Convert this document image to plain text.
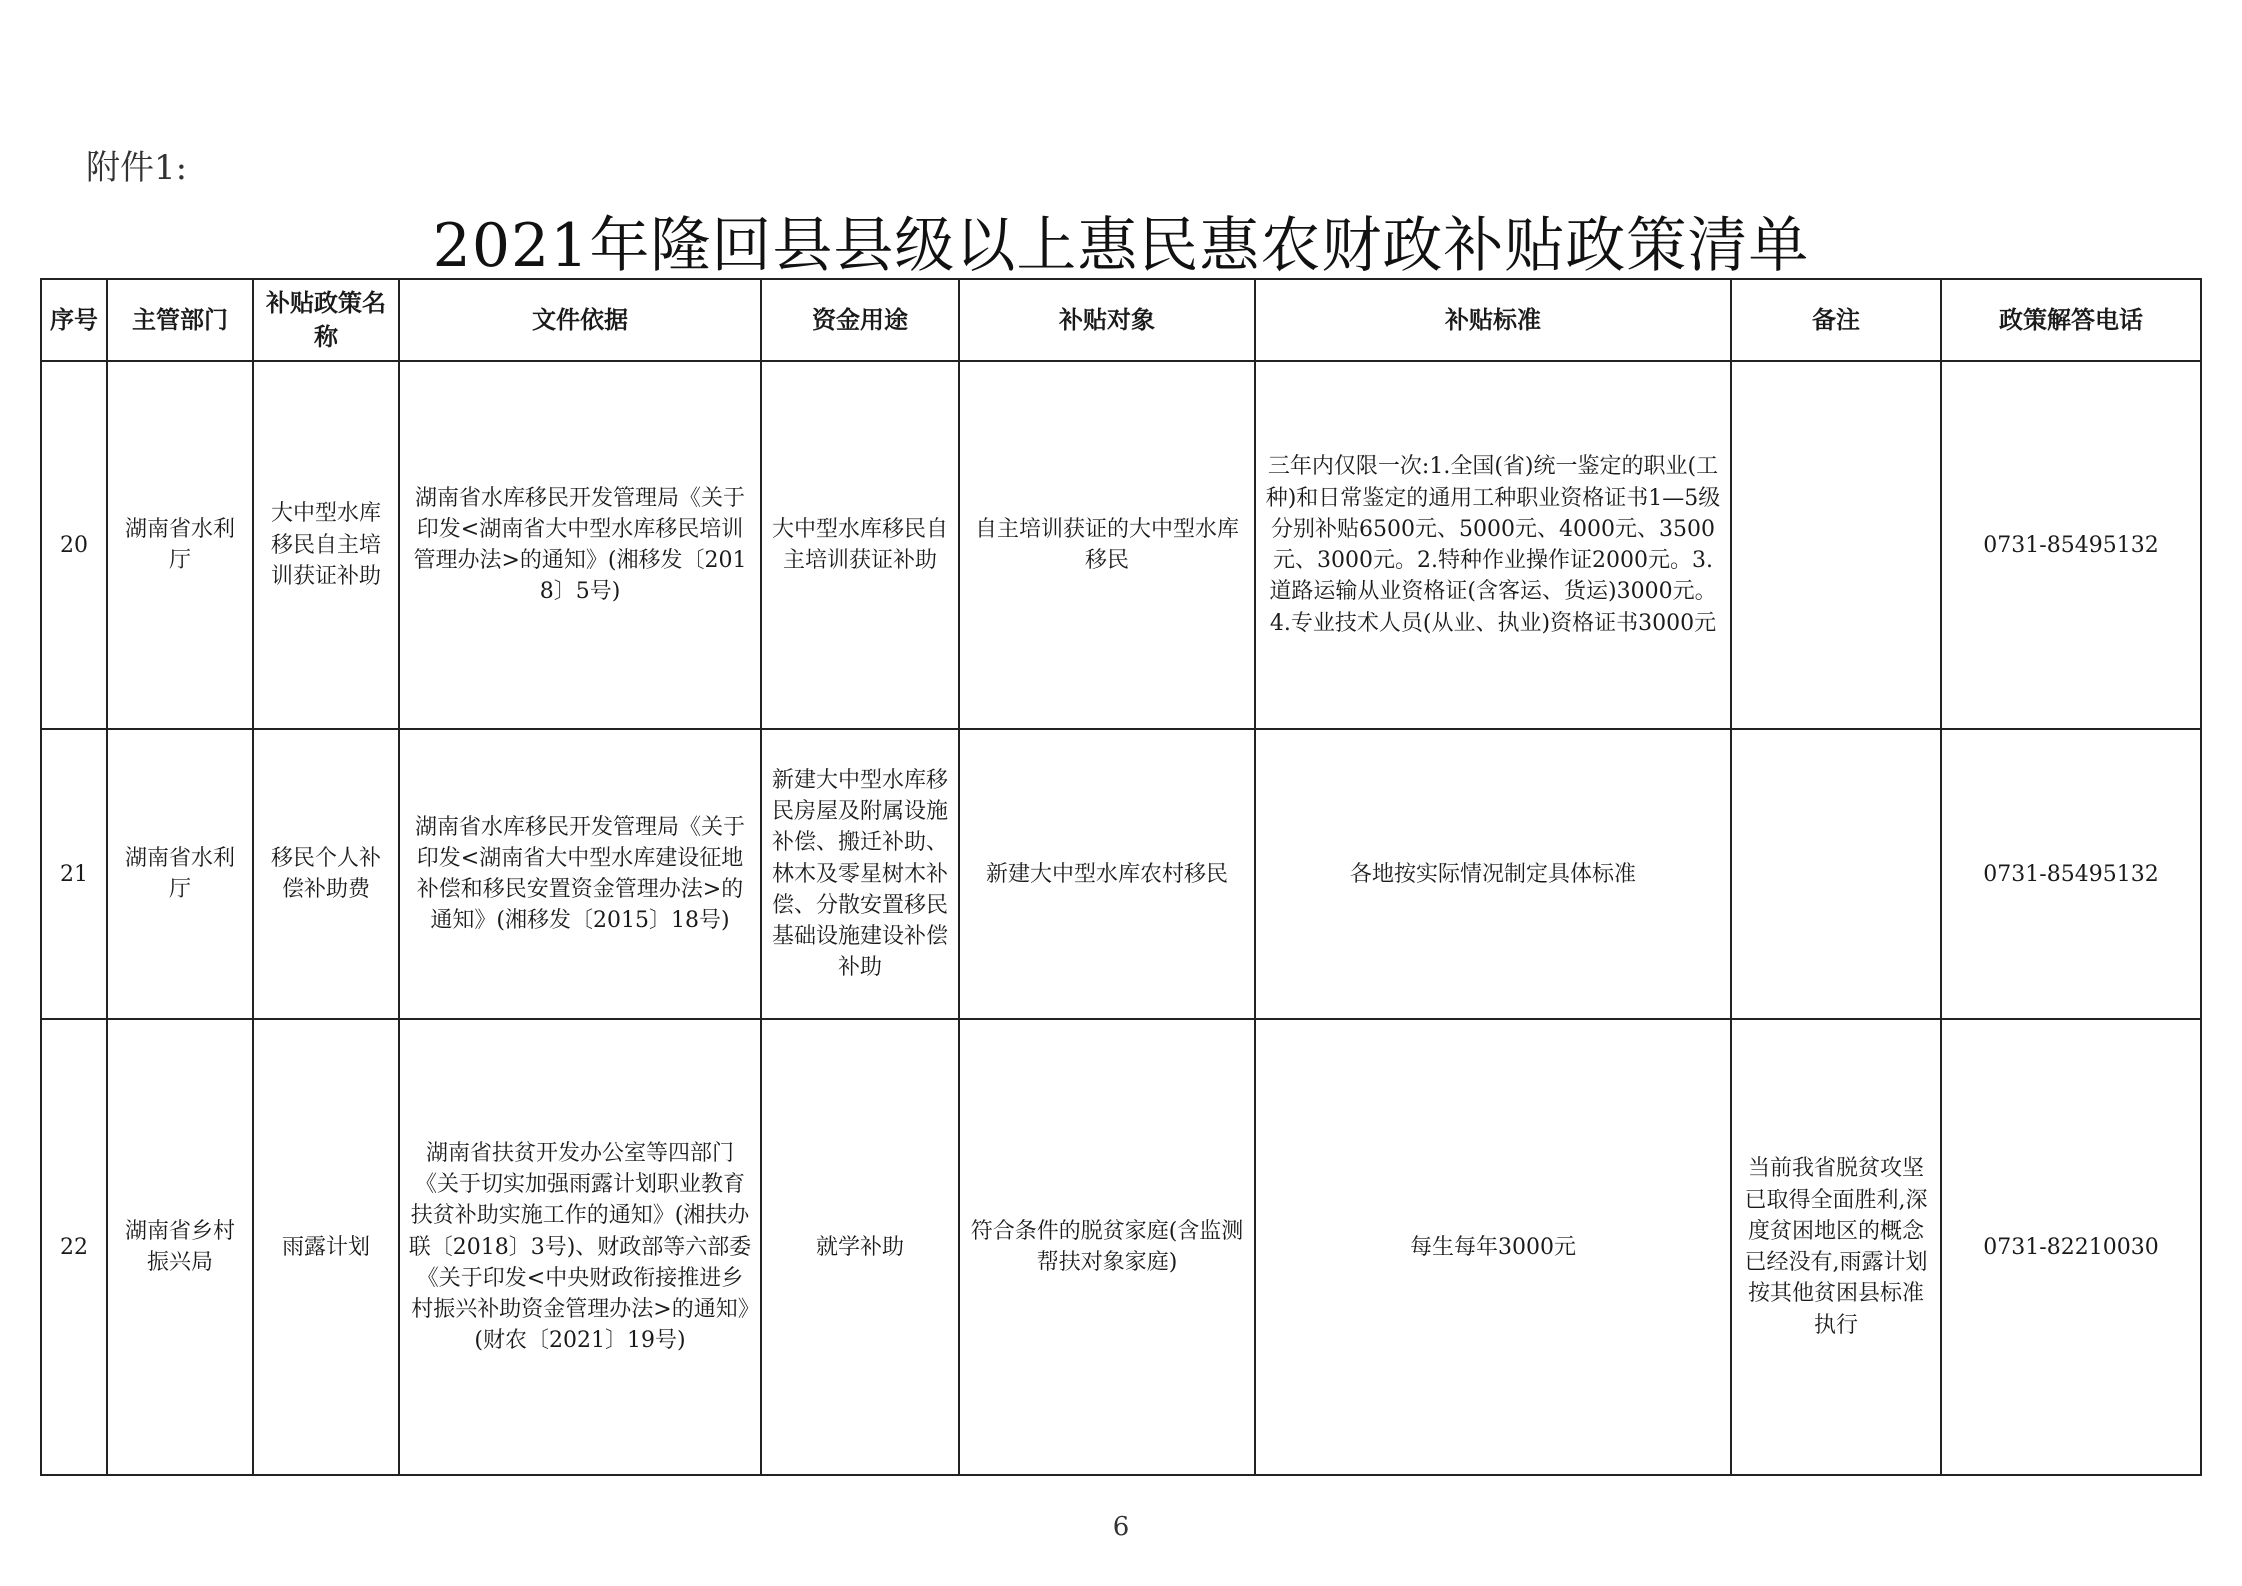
附件1:
2021年隆回县县级以上惠民惠农财政补贴政策清单
序号	主管部门	补贴政策名称	文件依据	资金用途	补贴对象	补贴标准	备注	政策解答电话
20	湖南省水利厅	大中型水库移民自主培训获证补助	湖南省水库移民开发管理局《关于印发<湖南省大中型水库移民培训管理办法>的通知》(湘移发〔2018〕5号)	大中型水库移民自主培训获证补助	自主培训获证的大中型水库移民	三年内仅限一次:1.全国(省)统一鉴定的职业(工种)和日常鉴定的通用工种职业资格证书1—5级分别补贴6500元、5000元、4000元、3500元、3000元。2.特种作业操作证2000元。3.道路运输从业资格证(含客运、货运)3000元。4.专业技术人员(从业、执业)资格证书3000元		0731-85495132
21	湖南省水利厅	移民个人补偿补助费	湖南省水库移民开发管理局《关于印发<湖南省大中型水库建设征地补偿和移民安置资金管理办法>的通知》(湘移发〔2015〕18号)	新建大中型水库移民房屋及附属设施补偿、搬迁补助、林木及零星树木补偿、分散安置移民基础设施建设补偿补助	新建大中型水库农村移民	各地按实际情况制定具体标准		0731-85495132
22	湖南省乡村振兴局	雨露计划	湖南省扶贫开发办公室等四部门《关于切实加强雨露计划职业教育扶贫补助实施工作的通知》(湘扶办联〔2018〕3号)、财政部等六部委《关于印发<中央财政衔接推进乡村振兴补助资金管理办法>的通知》(财农〔2021〕19号)	就学补助	符合条件的脱贫家庭(含监测帮扶对象家庭)	每生每年3000元	当前我省脱贫攻坚已取得全面胜利,深度贫困地区的概念已经没有,雨露计划按其他贫困县标准执行	0731-82210030
6
